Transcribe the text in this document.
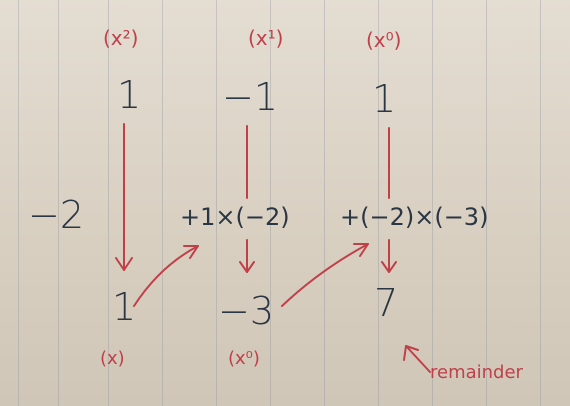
(x²)	(x¹)	(x⁰)
1 −1 1
−2	+1×(−2) +(−2)×(−3)
1 −3	7
(x)	(x⁰)
remainder
